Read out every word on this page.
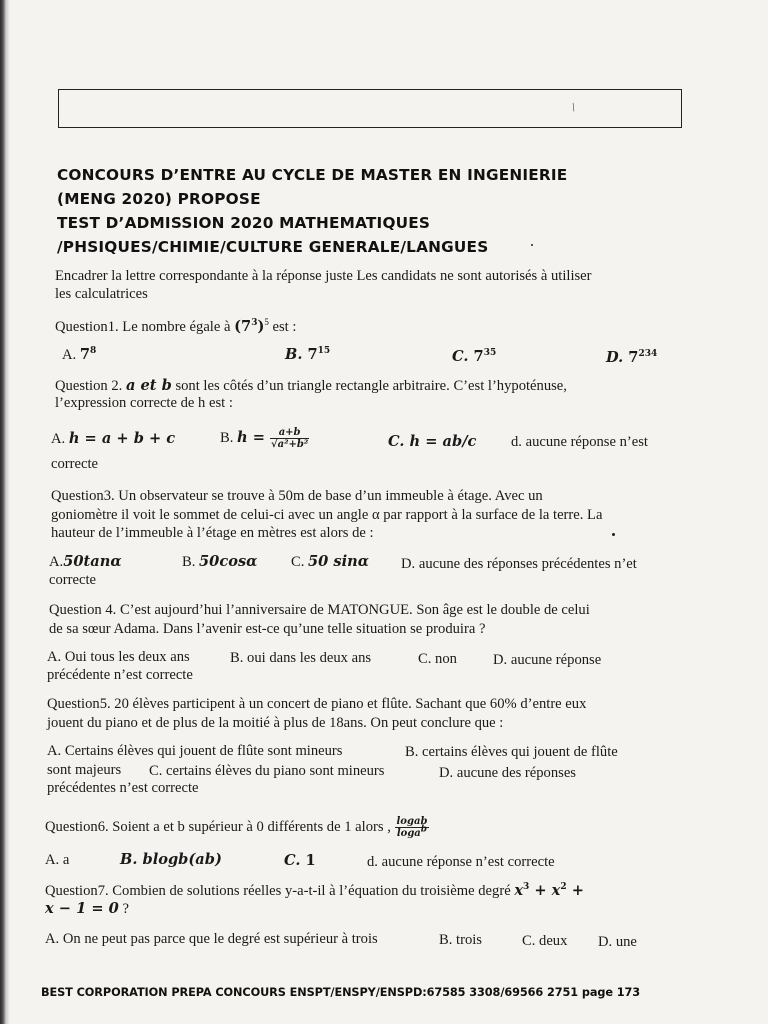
/
CONCOURS D’ENTRE AU CYCLE DE MASTER EN INGENIERIE
(MENG 2020) PROPOSE
TEST D’ADMISSION 2020 MATHEMATIQUES
/PHSIQUES/CHIMIE/CULTURE GENERALE/LANGUES
Encadrer la lettre correspondante à la réponse juste Les candidats ne sont autorisés à utiliser
les calculatrices
Question1. Le nombre égale à $(7^3)^5$ est :
A. $7^8$	B. $7^{15}$	C. $7^{35}$	D. $7^{234}$
Question 2. a et b sont les côtés d’un triangle rectangle arbitraire. C’est l’hypoténuse,
l’expression correcte de h est :
A. h = a + b + c	B. $h = \frac{a+b}{\text{√a²+b²}}$	C. h = ab/c d. aucune réponse n’est
correcte
Question3. Un observateur se trouve à 50m de base d’un immeuble à étage. Avec un
goniomètre il voit le sommet de celui-ci avec un angle α par rapport à la surface de la terre. La
hauteur de l’immeuble à l’étage en mètres est alors de :
A.50tanα	B. 50cosα C. 50 sinα D. aucune des réponses précédentes n’et
correcte
Question 4. C’est aujourd’hui l’anniversaire de MATONGUE. Son âge est le double de celui
de sa sœur Adama. Dans l’avenir est-ce qu’une telle situation se produira ?
A. Oui tous les deux ans	B. oui dans les deux ans	C. non D. aucune réponse
précédente n’est correcte
Question5. 20 élèves participent à un concert de piano et flûte. Sachant que 60% d’entre eux
jouent du piano et de plus de la moitié à plus de 18ans. On peut conclure que :
A. Certains élèves qui jouent de flûte sont mineurs	B. certains élèves qui jouent de flûte
sont majeurs C. certains élèves du piano sont mineurs	D. aucune des réponses
précédentes n’est correcte
Question6. Soient a et b supérieur à 0 différents de 1 alors , $\frac{\text{logab}}{\log a^b}$
A. a	B. blogb(ab)	C. 1	d. aucune réponse n’est correcte
Question7. Combien de solutions réelles y-a-t-il à l’équation du troisième degré $x^3 + x^2$ +
x − 1 = 0 ?
A. On ne peut pas parce que le degré est supérieur à trois	B. trois	C. deux D. une
BEST CORPORATION PREPA CONCOURS ENSPT/ENSPY/ENSPD:67585 3308/69566 2751 page 173
